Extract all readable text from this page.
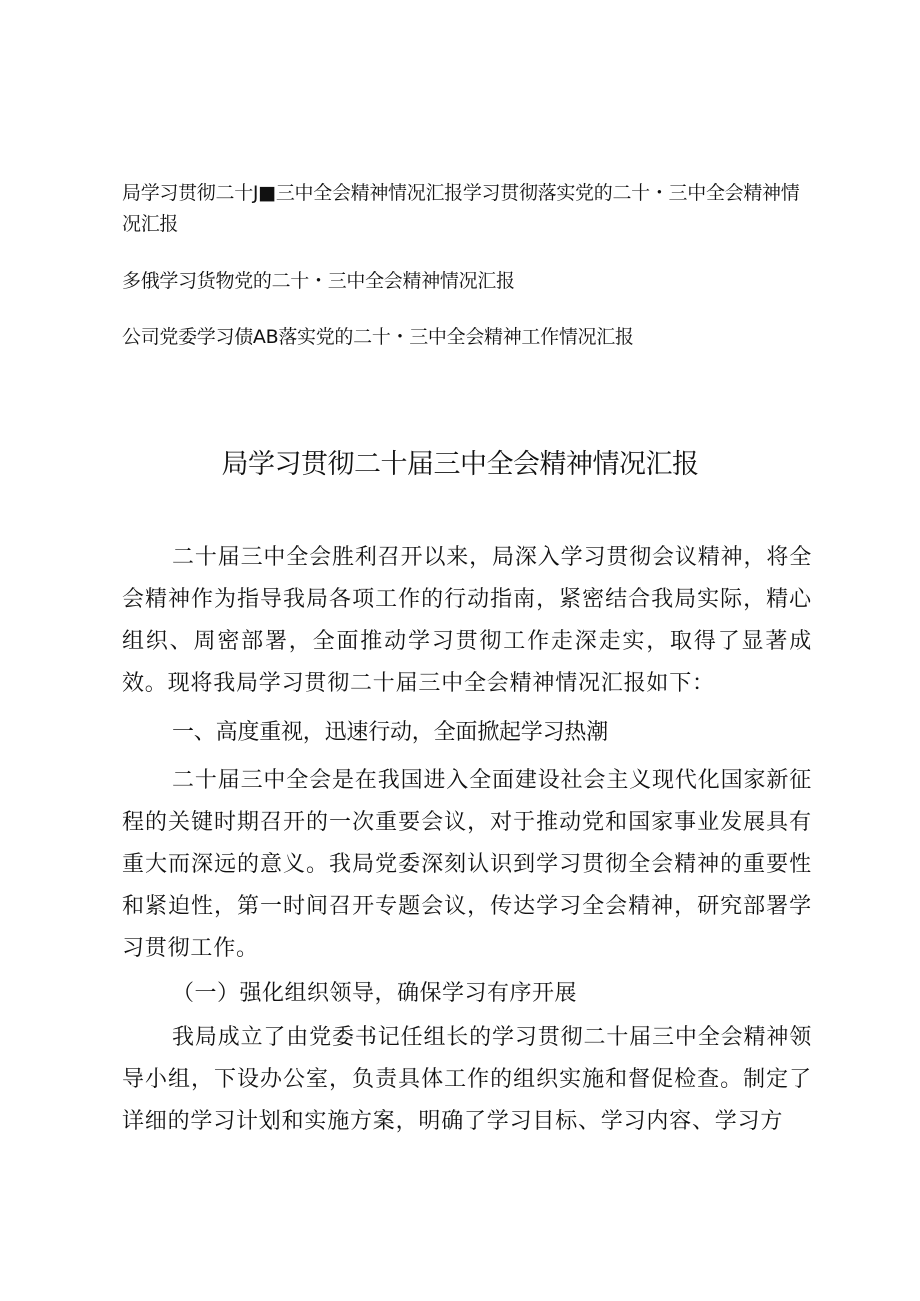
局学习贯彻二十J■三中全会精神情况汇报学习贯彻落实党的二十・三中全会精神情况汇报
多俄学习货物党的二十・三中全会精神情况汇报
公司党委学习债AB落实党的二十・三中全会精神工作情况汇报
局学习贯彻二十届三中全会精神情况汇报

二十届三中全会胜利召开以来，局深入学习贯彻会议精神，将全会精神作为指导我局各项工作的行动指南，紧密结合我局实际，精心组织、周密部署，全面推动学习贯彻工作走深走实，取得了显著成效。现将我局学习贯彻二十届三中全会精神情况汇报如下：

一、高度重视，迅速行动，全面掀起学习热潮

二十届三中全会是在我国进入全面建设社会主义现代化国家新征程的关键时期召开的一次重要会议，对于推动党和国家事业发展具有重大而深远的意义。我局党委深刻认识到学习贯彻全会精神的重要性和紧迫性，第一时间召开专题会议，传达学习全会精神，研究部署学习贯彻工作。

（一）强化组织领导，确保学习有序开展

我局成立了由党委书记任组长的学习贯彻二十届三中全会精神领导小组，下设办公室，负责具体工作的组织实施和督促检查。制定了详细的学习计划和实施方案，明确了学习目标、学习内容、学习方
